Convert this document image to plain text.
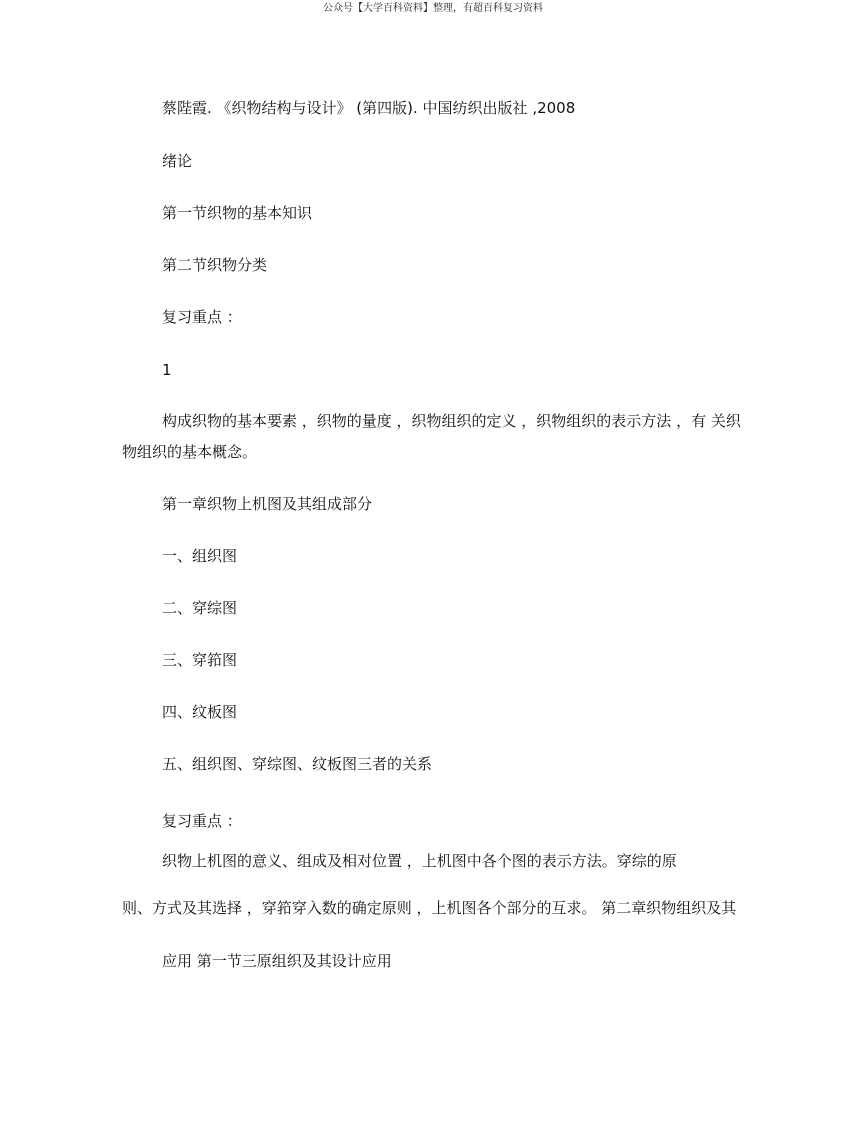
公众号【大学百科资料】整理，有超百科复习资料
蔡陛霞. 《织物结构与设计》 (第四版). 中国纺织出版社 ,2008
绪论
第一节织物的基本知识
第二节织物分类
复习重点 ：
1
构成织物的基本要素 ，织物的量度 ，织物组织的定义 ，织物组织的表示方法 ，有 关织
物组织的基本概念。
第一章织物上机图及其组成部分
一、组织图
二、穿综图
三、穿筘图
四、纹板图
五、组织图、穿综图、纹板图三者的关系
复习重点 ：
织物上机图的意义、组成及相对位置 ，上机图中各个图的表示方法。穿综的原
则、方式及其选择 ，穿筘穿入数的确定原则 ，上机图各个部分的互求。 第二章织物组织及其
应用 第一节三原组织及其设计应用
